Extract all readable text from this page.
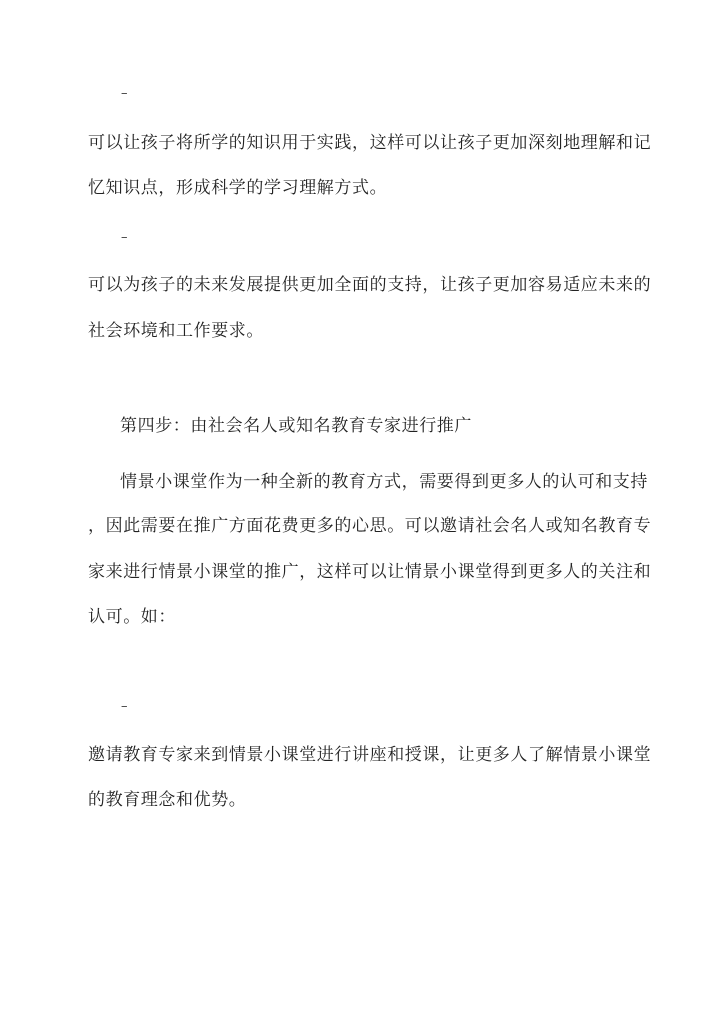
–
可以让孩子将所学的知识用于实践，这样可以让孩子更加深刻地理解和记
忆知识点，形成科学的学习理解方式。
–
可以为孩子的未来发展提供更加全面的支持，让孩子更加容易适应未来的
社会环境和工作要求。
第四步：由社会名人或知名教育专家进行推广
情景小课堂作为一种全新的教育方式，需要得到更多人的认可和支持
，因此需要在推广方面花费更多的心思。可以邀请社会名人或知名教育专
家来进行情景小课堂的推广，这样可以让情景小课堂得到更多人的关注和
认可。如：
–
邀请教育专家来到情景小课堂进行讲座和授课，让更多人了解情景小课堂
的教育理念和优势。
